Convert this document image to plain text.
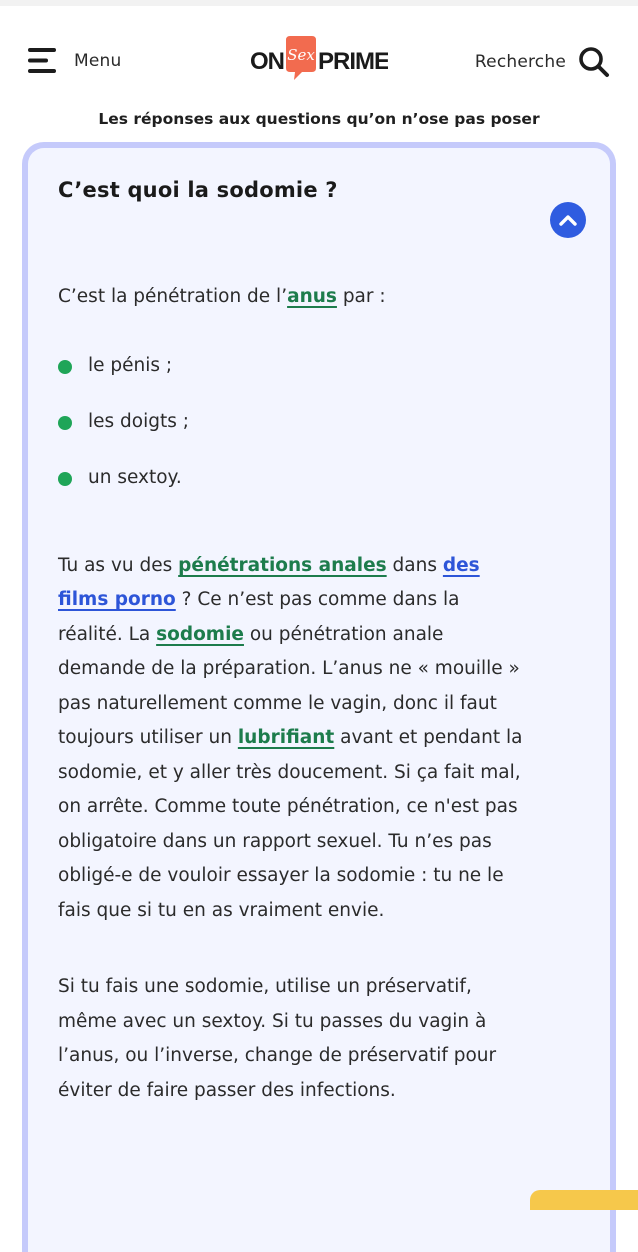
Menu	ON Sex PRIME	Recherche
Les réponses aux questions qu’on n’ose pas poser
C’est quoi la sodomie ?

C’est la pénétration de l’anus par :

le pénis ;
les doigts ;
un sextoy.

Tu as vu des pénétrations anales dans des films porno ? Ce n’est pas comme dans la réalité. La sodomie ou pénétration anale demande de la préparation. L’anus ne « mouille » pas naturellement comme le vagin, donc il faut toujours utiliser un lubrifiant avant et pendant la sodomie, et y aller très doucement. Si ça fait mal, on arrête. Comme toute pénétration, ce n'est pas obligatoire dans un rapport sexuel. Tu n’es pas obligé-e de vouloir essayer la sodomie : tu ne le fais que si tu en as vraiment envie.

Si tu fais une sodomie, utilise un préservatif, même avec un sextoy. Si tu passes du vagin à l’anus, ou l’inverse, change de préservatif pour éviter de faire passer des infections.
